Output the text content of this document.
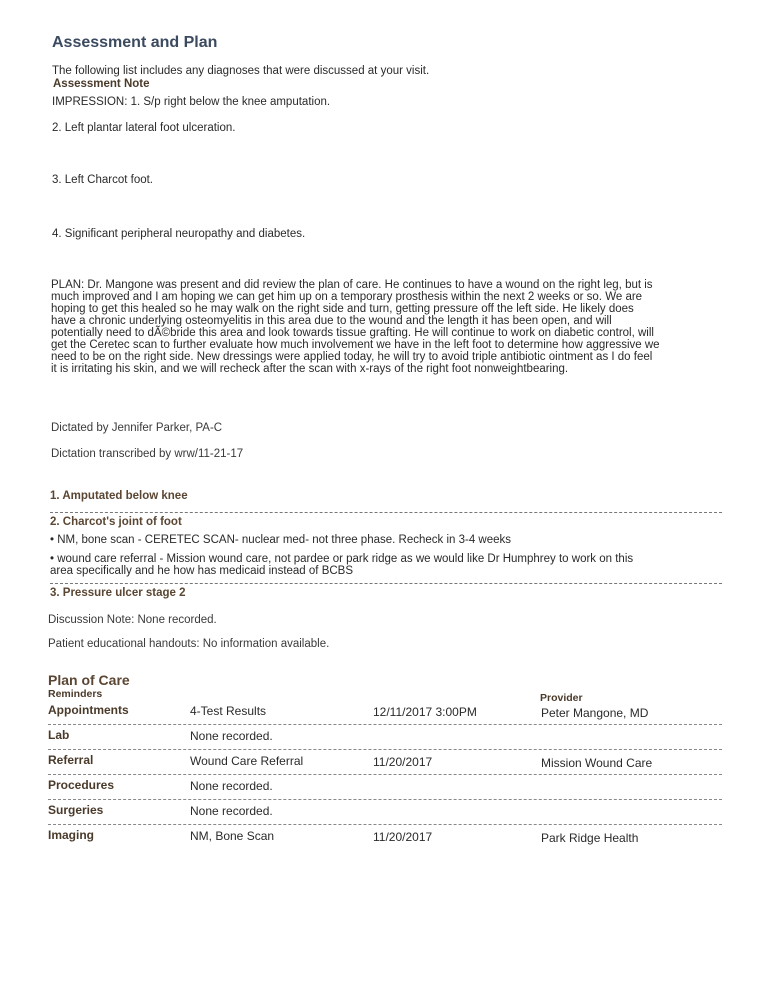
Assessment and Plan
The following list includes any diagnoses that were discussed at your visit.
Assessment Note
IMPRESSION: 1. S/p right below the knee amputation.
2. Left plantar lateral foot ulceration.
3. Left Charcot foot.
4. Significant peripheral neuropathy and diabetes.
PLAN: Dr. Mangone was present and did review the plan of care. He continues to have a wound on the right leg, but is
much improved and I am hoping we can get him up on a temporary prosthesis within the next 2 weeks or so. We are
hoping to get this healed so he may walk on the right side and turn, getting pressure off the left side. He likely does
have a chronic underlying osteomyelitis in this area due to the wound and the length it has been open, and will
potentially need to dÃ©bride this area and look towards tissue grafting. He will continue to work on diabetic control, will
get the Ceretec scan to further evaluate how much involvement we have in the left foot to determine how aggressive we
need to be on the right side. New dressings were applied today, he will try to avoid triple antibiotic ointment as I do feel
it is irritating his skin, and we will recheck after the scan with x-rays of the right foot nonweightbearing.
Dictated by Jennifer Parker, PA-C
Dictation transcribed by wrw/11-21-17
1. Amputated below knee
2. Charcot's joint of foot
• NM, bone scan - CERETEC SCAN- nuclear med- not three phase. Recheck in 3-4 weeks
• wound care referral - Mission wound care, not pardee or park ridge as we would like Dr Humphrey to work on this
area specifically and he how has medicaid instead of BCBS
3. Pressure ulcer stage 2
Discussion Note: None recorded.
Patient educational handouts: No information available.
Plan of Care
Reminders	Provider
Appointments	4-Test Results	12/11/2017 3:00PM	Peter Mangone, MD
Lab	None recorded.
Referral	Wound Care Referral	11/20/2017	Mission Wound Care
Procedures	None recorded.
Surgeries	None recorded.
Imaging	NM, Bone Scan	11/20/2017	Park Ridge Health
